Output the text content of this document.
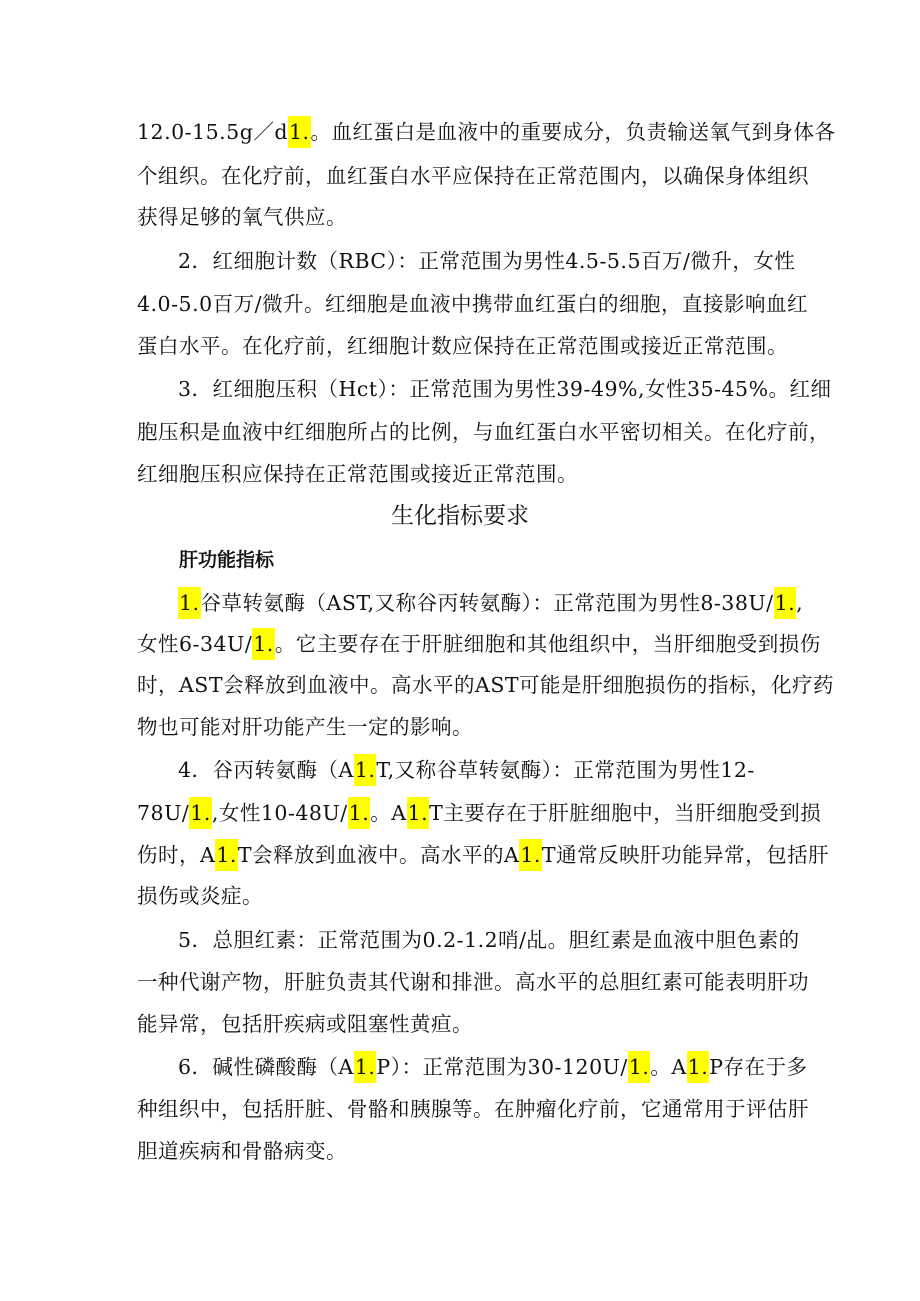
12.0-15.5g／d1.。血红蛋白是血液中的重要成分，负责输送氧气到身体各
个组织。在化疗前，血红蛋白水平应保持在正常范围内，以确保身体组织
获得足够的氧气供应。
2．红细胞计数（RBC）：正常范围为男性4.5-5.5百万/微升，女性
4.0-5.0百万/微升。红细胞是血液中携带血红蛋白的细胞，直接影响血红
蛋白水平。在化疗前，红细胞计数应保持在正常范围或接近正常范围。
3．红细胞压积（Hct）：正常范围为男性39-49%,女性35-45%。红细
胞压积是血液中红细胞所占的比例，与血红蛋白水平密切相关。在化疗前，
红细胞压积应保持在正常范围或接近正常范围。
生化指标要求
肝功能指标
1.谷草转氨酶（AST,又称谷丙转氨酶）：正常范围为男性8-38U/1.,
女性6-34U/1.。它主要存在于肝脏细胞和其他组织中，当肝细胞受到损伤
时，AST会释放到血液中。高水平的AST可能是肝细胞损伤的指标，化疗药
物也可能对肝功能产生一定的影响。
4．谷丙转氨酶（A1.T,又称谷草转氨酶）：正常范围为男性12-
78U/1.,女性10-48U/1.。A1.T主要存在于肝脏细胞中，当肝细胞受到损
伤时，A1.T会释放到血液中。高水平的A1.T通常反映肝功能异常，包括肝
损伤或炎症。
5．总胆红素：正常范围为0.2-1.2哨/乩。胆红素是血液中胆色素的
一种代谢产物，肝脏负责其代谢和排泄。高水平的总胆红素可能表明肝功
能异常，包括肝疾病或阻塞性黄疸。
6．碱性磷酸酶（A1.P）：正常范围为30-120U/1.。A1.P存在于多
种组织中，包括肝脏、骨骼和胰腺等。在肿瘤化疗前，它通常用于评估肝
胆道疾病和骨骼病变。
